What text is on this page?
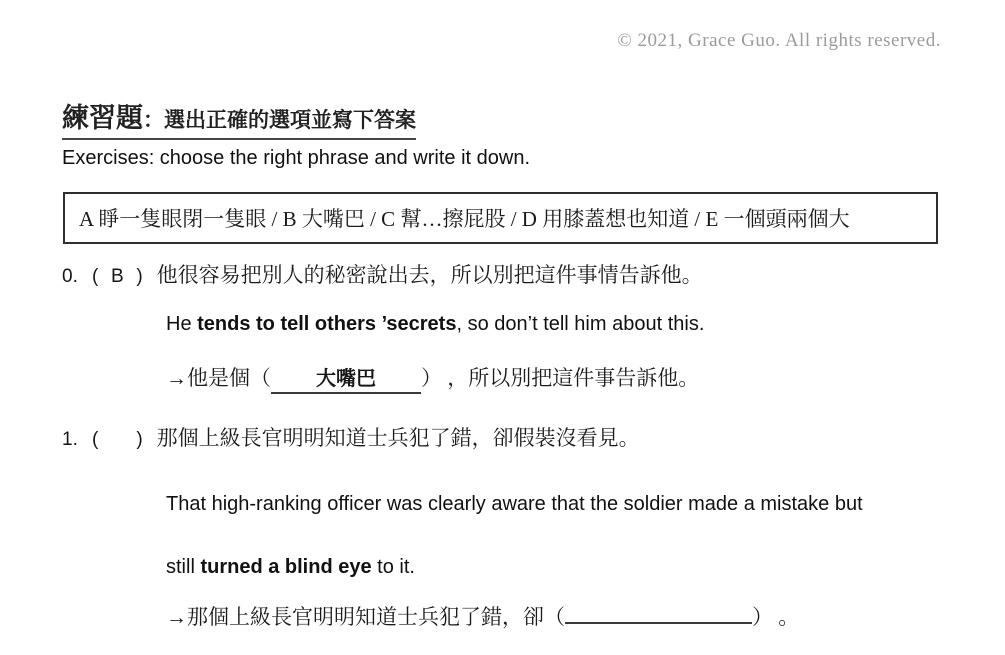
© 2021, Grace Guo. All rights reserved.
練習題：選出正確的選項並寫下答案
Exercises: choose the right phrase and write it down.
A 睜一隻眼閉一隻眼 / B 大嘴巴 / C 幫…擦屁股 / D 用膝蓋想也知道 / E 一個頭兩個大
0. ( B ) 他很容易把別人的秘密說出去，所以別把這件事情告訴他。
He tends to tell others ’secrets, so don’t tell him about this.
→他是個（ 大嘴巴 ） ，所以別把這件事告訴他。
1. ( ) 那個上級長官明明知道士兵犯了錯，卻假裝沒看見。
That high-ranking officer was clearly aware that the soldier made a mistake but
still turned a blind eye to it.
→那個上級長官明明知道士兵犯了錯，卻（	） 。
